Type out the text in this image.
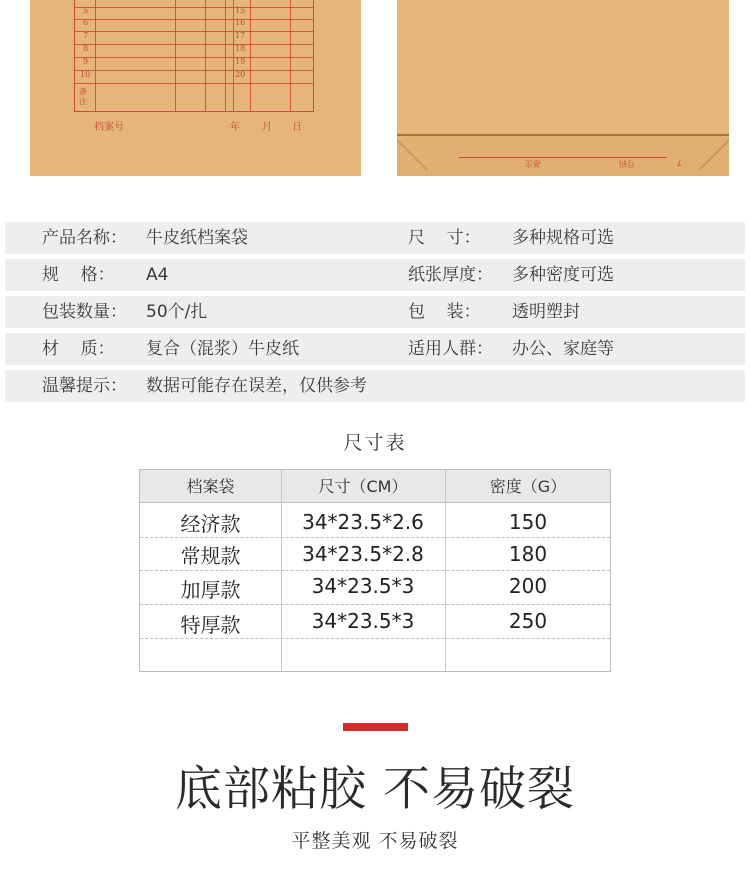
5
6
7
8
9
10
15
16
17
18
19
20
备注
档案号	年 月 日
备注	号码	7
产品名称： 牛皮纸档案袋	尺    寸： 多种规格可选
规    格： A4	纸张厚度： 多种密度可选
包装数量： 50个/扎	包    装： 透明塑封
材    质： 复合（混浆）牛皮纸	适用人群： 办公、家庭等
温馨提示： 数据可能存在误差，仅供参考
尺寸表
档案袋	尺寸（CM）	密度（G）
经济款	34*23.5*2.6	150
常规款	34*23.5*2.8	180
加厚款	34*23.5*3	200
特厚款	34*23.5*3	250
底部粘胶 不易破裂
平整美观 不易破裂
